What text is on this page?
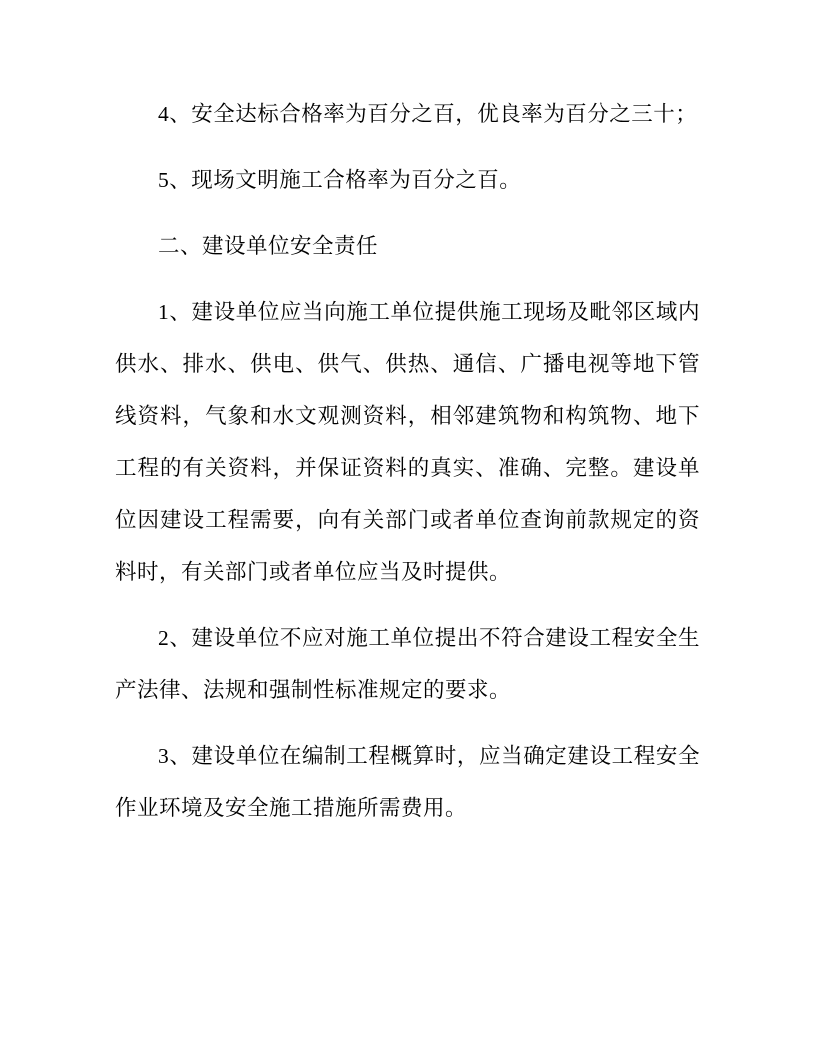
4、安全达标合格率为百分之百，优良率为百分之三十；

5、现场文明施工合格率为百分之百。

二、建设单位安全责任

1、建设单位应当向施工单位提供施工现场及毗邻区域内供水、排水、供电、供气、供热、通信、广播电视等地下管线资料，气象和水文观测资料，相邻建筑物和构筑物、地下工程的有关资料，并保证资料的真实、准确、完整。建设单位因建设工程需要，向有关部门或者单位查询前款规定的资料时，有关部门或者单位应当及时提供。

2、建设单位不应对施工单位提出不符合建设工程安全生产法律、法规和强制性标准规定的要求。

3、建设单位在编制工程概算时，应当确定建设工程安全作业环境及安全施工措施所需费用。
